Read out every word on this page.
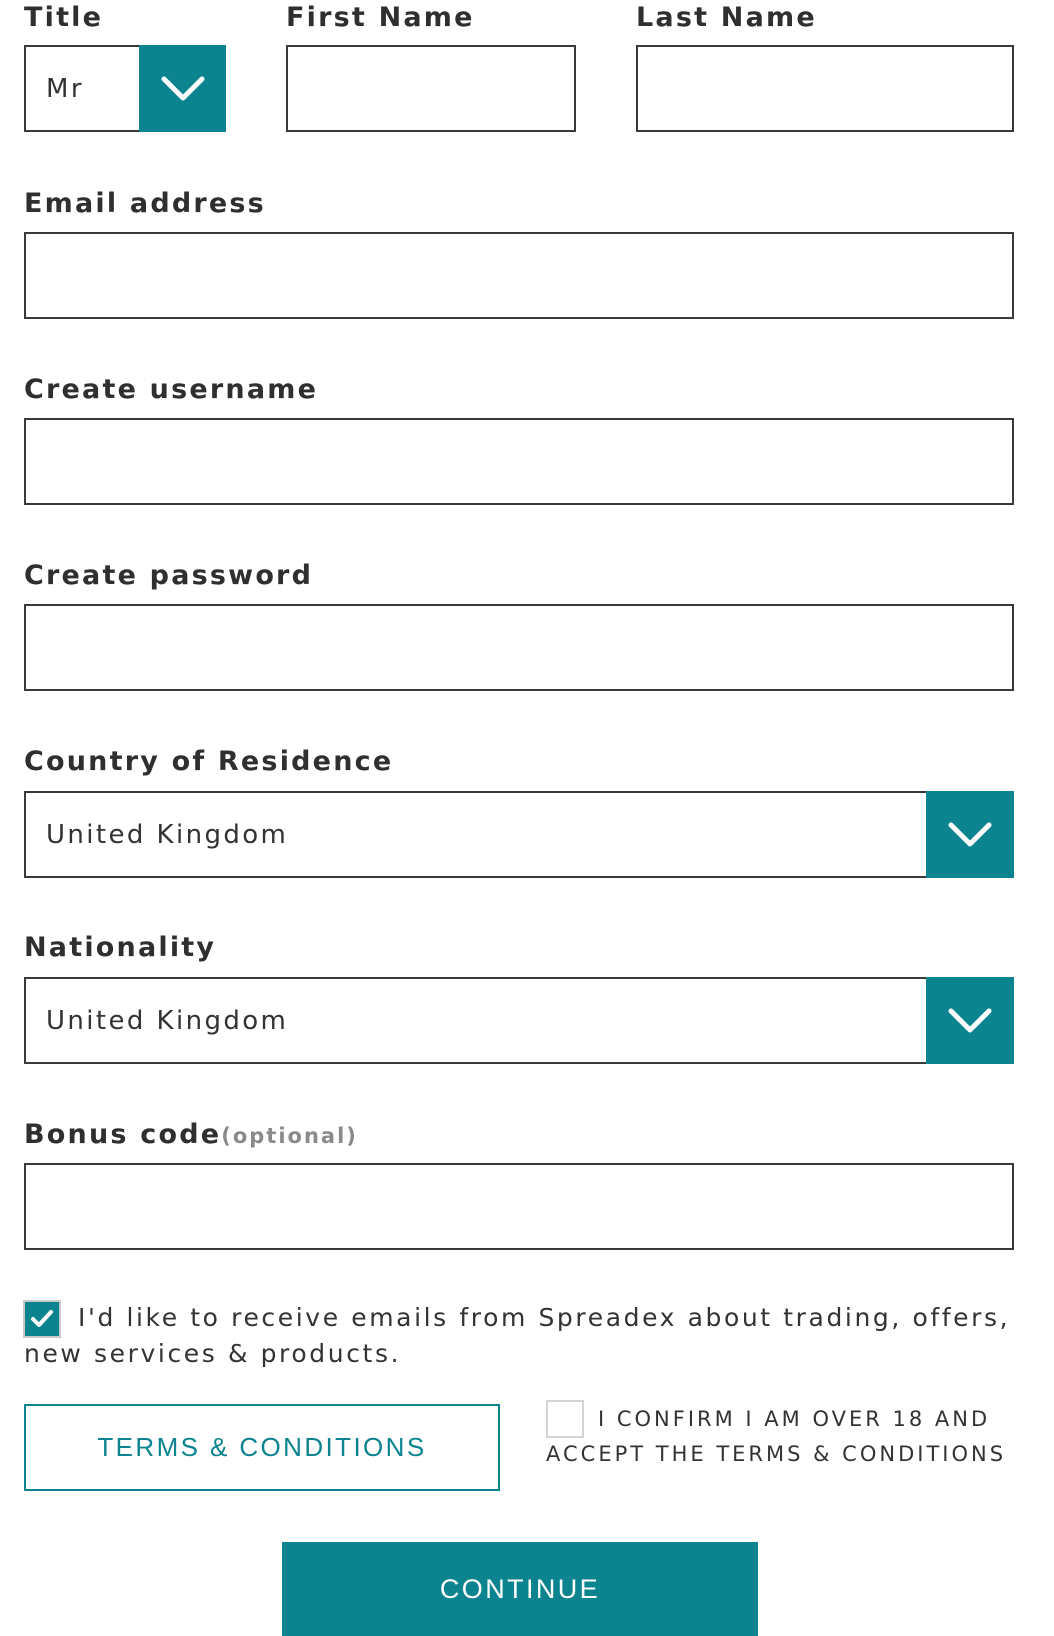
Title
Mr
First Name	Last Name
Email address
Create username
Create password
Country of Residence
United Kingdom
Nationality
United Kingdom
Bonus code(optional)
I'd like to receive emails from Spreadex about trading, offers, new services & products.
TERMS & CONDITIONS
I CONFIRM I AM OVER 18 AND ACCEPT THE TERMS & CONDITIONS
CONTINUE
